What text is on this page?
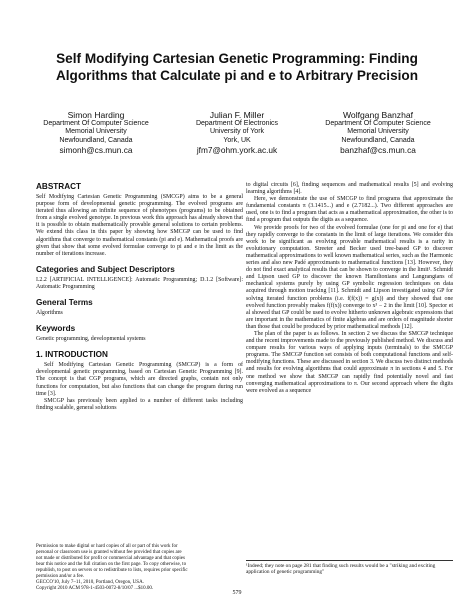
Self Modifying Cartesian Genetic Programming: Finding Algorithms that Calculate pi and e to Arbitrary Precision
Simon Harding
Department Of Computer Science
Memorial University
Newfoundland, Canada
simonh@cs.mun.ca
Julian F. Miller
Department Of Electronics
University of York
York, UK
jfm7@ohm.york.ac.uk
Wolfgang Banzhaf
Department Of Computer Science
Memorial University
Newfoundland, Canada
banzhaf@cs.mun.ca
ABSTRACT

Self Modifying Cartesian Genetic Programming (SMCGP) aims to be a general purpose form of developmental genetic programming. The evolved programs are iterated thus allowing an infinite sequence of phenotypes (programs) to be obtained from a single evolved genotype. In previous work this approach has already shown that it is possible to obtain mathematically provable general solutions to certain problems. We extend this class in this paper by showing how SMCGP can be used to find algorithms that converge to mathematical constants (pi and e). Mathematical proofs are given that show that some evolved formulae converge to pi and e in the limit as the number of iterations increase.

Categories and Subject Descriptors

I.2.2 [ARTIFICIAL INTELLIGENCE]: Automatic Programming; D.1.2 [Software]: Automatic Programming

General Terms

Algorithms

Keywords

Genetic programming, developmental systems

1. INTRODUCTION

Self Modifying Cartesian Genetic Programming (SMCGP) is a form of developmental genetic programming, based on Cartesian Genetic Programming [9]. The concept is that CGP programs, which are directed graphs, contain not only functions for computation, but also functions that can change the program during run time [3].

SMCGP has previously been applied to a number of different tasks including finding scalable, general solutions

Permission to make digital or hard copies of all or part of this work for
personal or classroom use is granted without fee provided that copies are
not made or distributed for profit or commercial advantage and that copies
bear this notice and the full citation on the first page. To copy otherwise, to
republish, to post on servers or to redistribute to lists, requires prior specific
permission and/or a fee.
GECCO'10, July 7–11, 2010, Portland, Oregon, USA.
Copyright 2010 ACM 978-1-4503-0072-8/10/07 ...$10.00.

to digital circuits [6], finding sequences and mathematical results [5] and evolving learning algorithms [4].

Here, we demonstrate the use of SMCGP to find programs that approximate the fundamental constants π (3.1415...) and e (2.7182...). Two different approaches are used, one is to find a program that acts as a mathematical approximation, the other is to find a program that outputs the digits as a sequence.

We provide proofs for two of the evolved formulae (one for pi and one for e) that they rapidly converge to the constants in the limit of large iterations. We consider this work to be significant as evolving provable mathematical results is a rarity in evolutionary computation. Streeter and Becker used tree-based GP to discover mathematical approximations to well known mathematical series, such as the Harmonic series and also new Padé approximants to mathematical functions [13]. However, they do not find exact analytical results that can be shown to converge in the limit¹. Schmidt and Lipson used GP to discover the known Hamiltonians and Langrangians of mechanical systems purely by using GP symbolic regression techniques on data acquired through motion tracking [11]. Schmidt and Lipson investigated using GP for solving iterated function problems (i.e. f(f(x)) = g(x)) and they showed that one evolved function provably makes f(f(x)) converge to x³ − 2 in the limit [10]. Spector et al showed that GP could be used to evolve hitherto unknown algebraic expressions that are important in the mathematics of finite algebras and are orders of magnitude shorter than those that could be produced by prior mathematical methods [12].

The plan of the paper is as follows. In section 2 we discuss the SMCGP technique and the recent improvements made to the previously published method. We discuss and compare results for various ways of applying inputs (terminals) to the SMCGP programs. The SMCGP function set consists of both computational functions and self-modifying functions. These are discussed in section 3. We discuss two distinct methods and results for evolving algorithms that could approximate π in sections 4 and 5. For one method we show that SMCGP can rapidly find potentially novel and fast converging mathematical approximations to π. Our second approach where the digits were evolved as a sequence

¹Indeed; they note on page 281 that finding such results would be a "striking and exciting application of genetic programming"
579
